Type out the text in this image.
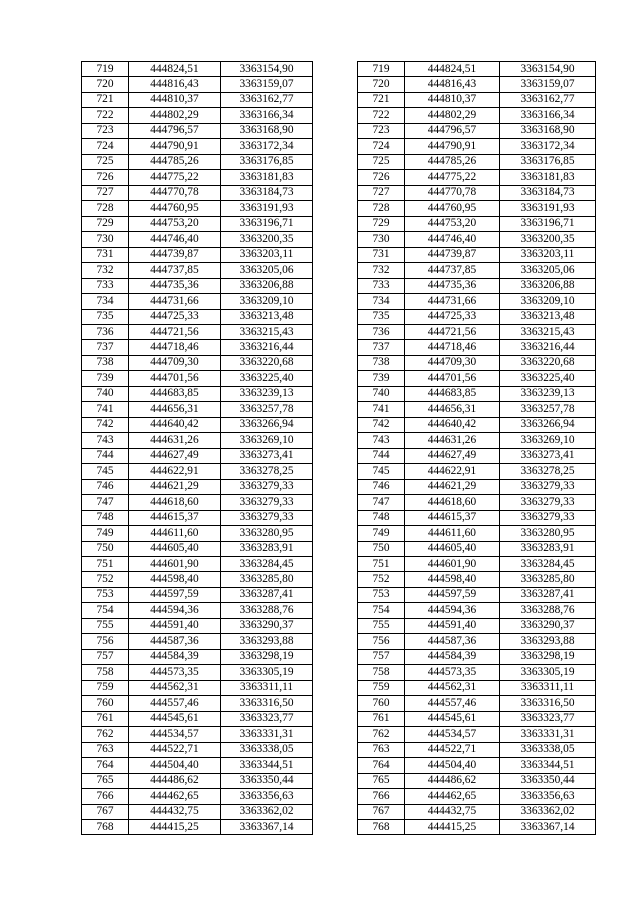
719	444824,51	3363154,90
720	444816,43	3363159,07
721	444810,37	3363162,77
722	444802,29	3363166,34
723	444796,57	3363168,90
724	444790,91	3363172,34
725	444785,26	3363176,85
726	444775,22	3363181,83
727	444770,78	3363184,73
728	444760,95	3363191,93
729	444753,20	3363196,71
730	444746,40	3363200,35
731	444739,87	3363203,11
732	444737,85	3363205,06
733	444735,36	3363206,88
734	444731,66	3363209,10
735	444725,33	3363213,48
736	444721,56	3363215,43
737	444718,46	3363216,44
738	444709,30	3363220,68
739	444701,56	3363225,40
740	444683,85	3363239,13
741	444656,31	3363257,78
742	444640,42	3363266,94
743	444631,26	3363269,10
744	444627,49	3363273,41
745	444622,91	3363278,25
746	444621,29	3363279,33
747	444618,60	3363279,33
748	444615,37	3363279,33
749	444611,60	3363280,95
750	444605,40	3363283,91
751	444601,90	3363284,45
752	444598,40	3363285,80
753	444597,59	3363287,41
754	444594,36	3363288,76
755	444591,40	3363290,37
756	444587,36	3363293,88
757	444584,39	3363298,19
758	444573,35	3363305,19
759	444562,31	3363311,11
760	444557,46	3363316,50
761	444545,61	3363323,77
762	444534,57	3363331,31
763	444522,71	3363338,05
764	444504,40	3363344,51
765	444486,62	3363350,44
766	444462,65	3363356,63
767	444432,75	3363362,02
768	444415,25	3363367,14
719	444824,51	3363154,90
720	444816,43	3363159,07
721	444810,37	3363162,77
722	444802,29	3363166,34
723	444796,57	3363168,90
724	444790,91	3363172,34
725	444785,26	3363176,85
726	444775,22	3363181,83
727	444770,78	3363184,73
728	444760,95	3363191,93
729	444753,20	3363196,71
730	444746,40	3363200,35
731	444739,87	3363203,11
732	444737,85	3363205,06
733	444735,36	3363206,88
734	444731,66	3363209,10
735	444725,33	3363213,48
736	444721,56	3363215,43
737	444718,46	3363216,44
738	444709,30	3363220,68
739	444701,56	3363225,40
740	444683,85	3363239,13
741	444656,31	3363257,78
742	444640,42	3363266,94
743	444631,26	3363269,10
744	444627,49	3363273,41
745	444622,91	3363278,25
746	444621,29	3363279,33
747	444618,60	3363279,33
748	444615,37	3363279,33
749	444611,60	3363280,95
750	444605,40	3363283,91
751	444601,90	3363284,45
752	444598,40	3363285,80
753	444597,59	3363287,41
754	444594,36	3363288,76
755	444591,40	3363290,37
756	444587,36	3363293,88
757	444584,39	3363298,19
758	444573,35	3363305,19
759	444562,31	3363311,11
760	444557,46	3363316,50
761	444545,61	3363323,77
762	444534,57	3363331,31
763	444522,71	3363338,05
764	444504,40	3363344,51
765	444486,62	3363350,44
766	444462,65	3363356,63
767	444432,75	3363362,02
768	444415,25	3363367,14
